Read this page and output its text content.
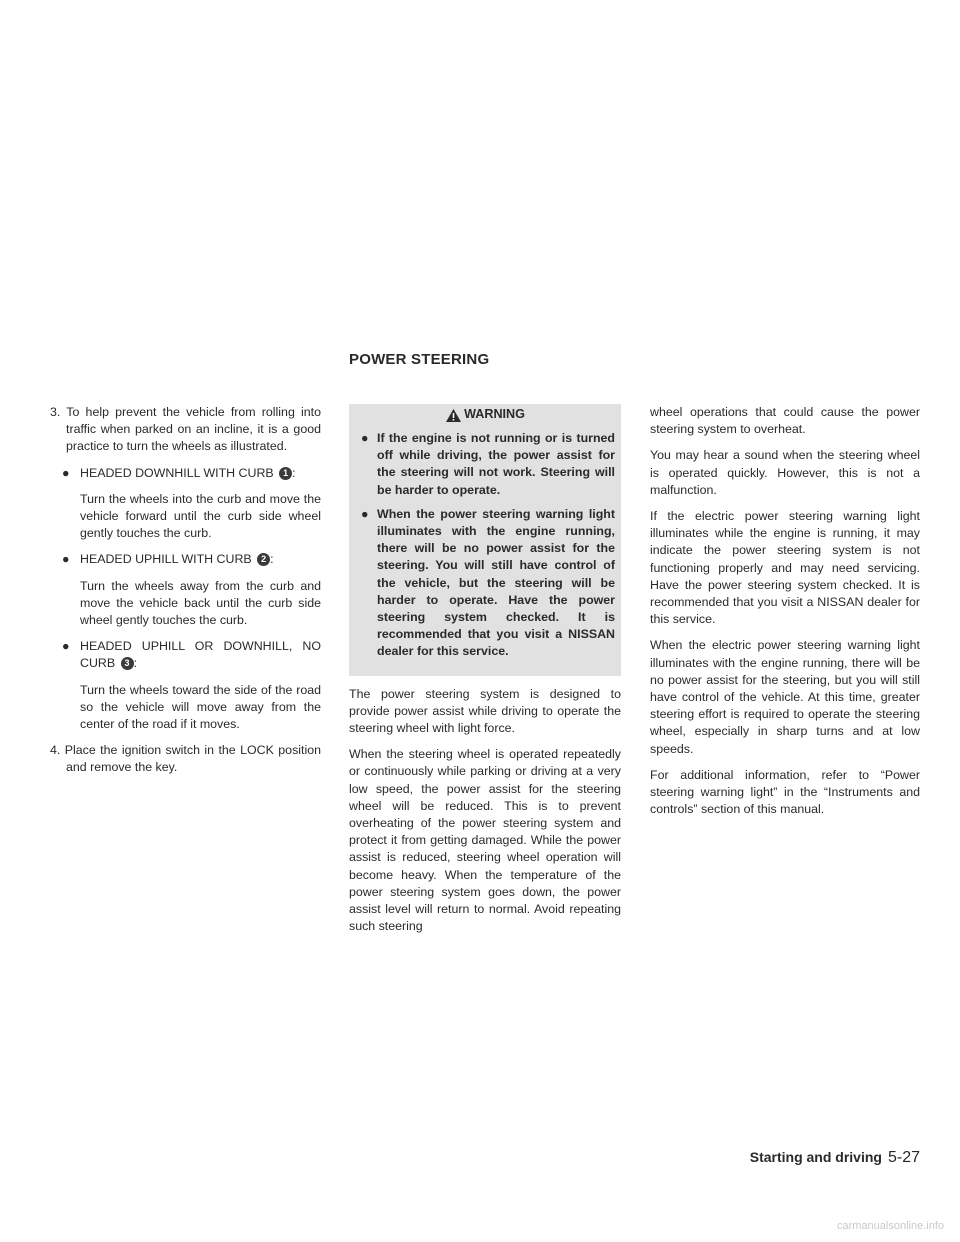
POWER STEERING

3. To help prevent the vehicle from rolling into traffic when parked on an incline, it is a good practice to turn the wheels as illustrated.

● HEADED DOWNHILL WITH CURB 1 :

Turn the wheels into the curb and move the vehicle forward until the curb side wheel gently touches the curb.

● HEADED UPHILL WITH CURB 2 :

Turn the wheels away from the curb and move the vehicle back until the curb side wheel gently touches the curb.

● HEADED UPHILL OR DOWNHILL, NO CURB 3 :

Turn the wheels toward the side of the road so the vehicle will move away from the center of the road if it moves.

4. Place the ignition switch in the LOCK position and remove the key.

WARNING

● If the engine is not running or is turned off while driving, the power assist for the steering will not work. Steering will be harder to operate.

● When the power steering warning light illuminates with the engine running, there will be no power assist for the steering. You will still have control of the vehicle, but the steering will be harder to operate. Have the power steering system checked. It is recommended that you visit a NISSAN dealer for this service.

The power steering system is designed to provide power assist while driving to operate the steering wheel with light force.

When the steering wheel is operated repeatedly or continuously while parking or driving at a very low speed, the power assist for the steering wheel will be reduced. This is to prevent overheating of the power steering system and protect it from getting damaged. While the power assist is reduced, steering wheel operation will become heavy. When the temperature of the power steering system goes down, the power assist level will return to normal. Avoid repeating such steering

wheel operations that could cause the power steering system to overheat.

You may hear a sound when the steering wheel is operated quickly. However, this is not a malfunction.

If the electric power steering warning light illuminates while the engine is running, it may indicate the power steering system is not functioning properly and may need servicing. Have the power steering system checked. It is recommended that you visit a NISSAN dealer for this service.

When the electric power steering warning light illuminates with the engine running, there will be no power assist for the steering, but you will still have control of the vehicle. At this time, greater steering effort is required to operate the steering wheel, especially in sharp turns and at low speeds.

For additional information, refer to “Power steering warning light” in the “Instruments and controls” section of this manual.

Starting and driving 5-27
carmanualsonline.info
